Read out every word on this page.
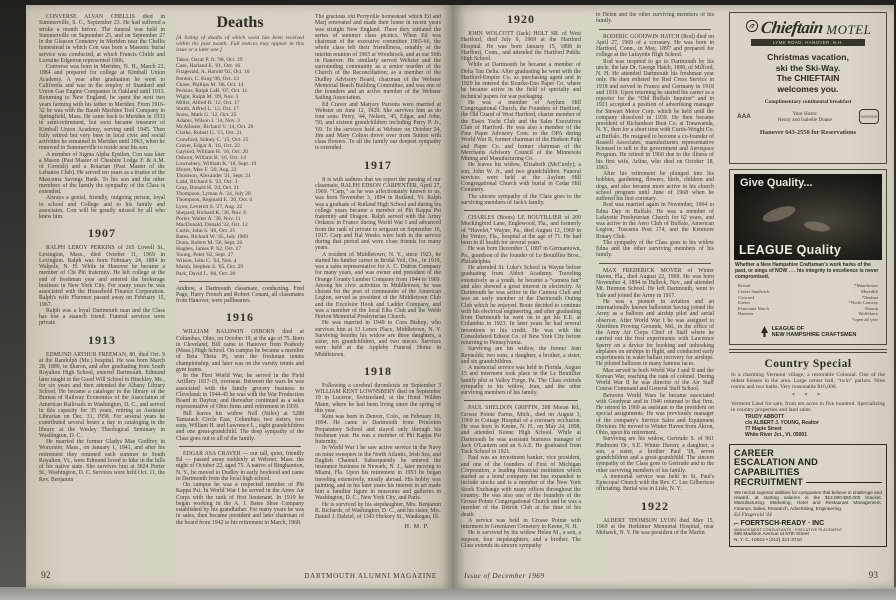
CONVERSE ALVAN CHELLIS died in Summerville, S. C., September 23. He had suffered a stroke a month before. The funeral was held in Summerville on September 25, and on September 27 in the Gleason Cemetery in Meriden near the Chellis homestead in which Con was born a Masonic burial service was conducted, at which Francis Childs and Lorraine Edgerton represented 1906.

Converse was born in Meriden, N. H., March 22, 1884 and prepared for college at Kimball Union Academy. A year after graduation he went to California and was in the employ of Standard and Union Gas Engine Companies in Oakland until 1913. Returning to New England, he spent the next two years farming with his father in Meriden. From 1916-32 he was with the Baush Machine Tool Company in Springfield, Mass. He came back to Meriden in 1933 in semi-retirement, but soon became treasurer of Kimball Union Academy, serving until 1945. Then fully retired but very busy in local civic and social activities he remained in Meriden until 1963, when he removed to Summerville to reside near his son.

A member of Sigma Alpha Epsilon, Con was later a Mason (Past Master of Cheshire Lodge F. & A.M. of Cornish) and a Rotarian (Past Master of the Lebanon Club). He served ten years as a trustee of the Mascoma Savings Bank. To his son and the other members of the family the sympathy of the Class is extended.

Always a genial, friendly, outgoing person, loyal to school and College and to his family and associates, Con will be greatly missed by all who knew him.

1907

RALPH LEROY PERKINS of 265 Lowell St., Lexington, Mass., died October 11, 1969 in Lexington. Ralph was born February 24, 1884 in Walpole, N. H. While in Hanover he became a member of Chi Phi fraternity. He left college at the end of freshman year and entered the brokerage business in New York City. For many years he was associated with the Household Finance Corporation. Ralph's wife Florence passed away on February 15, 1967.

Ralph was a loyal Dartmouth man and the Class has lost a staunch friend. Funeral services were private.

1913

EDMUND ARTHUR FREEMAN, 80, died Oct. 9 at the Randolph (Me.) hospital. He was born March 28, 1889, in Sharon, and after graduating from South Royalton High School, entered Dartmouth. Edmund later taught in the Good Will School in Hinckley, Me., for six years and then attended the Albany Library School. He became a cataloger in the library of the Bureau of Railway Economics of the Association of American Railroads in Washington, D. C., and served in this capacity for 35 years, retiring as Assistant Librarian on Dec. 31, 1958. For several years he contributed several hours a day to cataloging in the library at the Wesley Theological Seminary in Washington, D. C.

He married the former Gladys Mae Godfrey in Worcester, Mass., on January 1, 1941, and after his retirement they returned each summer to South Royalton, Vt., were Edmund loved to hike in the hills of his native state. She survives him at 3024 Porter St., Washington, D. C. Services were held Oct. 11, the Rev. Benjamin

Deaths

[A listing of deaths of which word has been received within the past month. Full notices may appear in this issue or a later one.]

Tabor, Oscar P. Jr. '98, Oct. 29
Case, Harland E. '01, Oct. 16
Fitzgerald, A. Harold '02, Oct. 10
Benton, C. King '06, Oct. 13
Chase, Phillips M. '06, Oct. 14
Perkins, Ralph LaR. '07, Oct. 11
Wight, Ralph M. '09, Nov. 3
Miller, Alfred R. '12, Oct. 17
Smith, Alfred L. '12, Oct. 17
Snow, Mark G. '12, Oct. 25
Adams, Wilson I. '14, Nov. 3
McAllaster, Richard V. '14, Oct. 26
Clarke, Robert G. '15, Oct. 21
Crawford, Sidney C. '15, Oct. 25
Craver, Edgar A. '16, Oct. 22
Gaylord, William H. '16, Oct. 20
Osborn, William B. '16, Oct. 14
Lownsbery, William K. '18, Sept. 19
Moyer, Max F. '20, Aug. 22
Thomson, Alexander '21, Sept. 21
Ladd, Richard S. '22, Oct. 3
Gray, Donald H. '24, Oct. 21
Thompson, Lyman A. '24, July 20
Thompson, Reginald E. '26, Oct. 6
Lyon, Leverett S. '27, Aug. 22
Shepard, Richard K. '28, Nov. 6
Porter, Walter A. '30, Nov. 11
MacDonald, Donald '32, Oct. 12
Curtis, John S. '40, Oct. 21
Bates, Richard W. '45, July 1969
Dunn, Robert M. '56, Sept. 26
Hughes, James P. '62, Oct. 17
Young, Peter '62, Sept. 27
Wilson, John C. '64, Nov. 4
Marsh, Stephen S. '65, Oct. 29
Park, David L. '66, Oct. 20

Andrew, a Dartmouth classmate, conducting. Fred Page, Harry French and Robert Conant, all classmates from Hanover, were pallbearers.

1916

WILLIAM BALDWIN OSBORN died at Columbus, Ohio, on October 19, at the age of 75. Born in Cleveland, Bill came to Hanover from Peabody (Mass.) High School. On campus he became a member of Beta Theta Pi, won the freshman tennis championship, and later was on the varsity tennis and gym teams.

In the First World War, he served in the Field Artillery 1917-19, overseas. Between the wars he was associated with the family grocery business in Cleveland; in 1944-45 he was with the War Production Board in Dayton; and thereafter continued as a sales representative of Ohio firms until retirement in 1959.

Bill leaves his widow Nell (Stiles) at 5288 Tamarack Circle East, Columbus; two sisters, two sons, William H. and Lawrence L., eight grandchildren and one great-grandchild. The deep sympathy of the Class goes out to all of the family.

EDGAR ASA CRAVER — our tall, quiet, friendly Ed — passed away suddenly at Webster, Mass. the night of October 22, aged 75. A native of Binghamton, N. Y., he moved to Dudley in early boyhood and came to Dartmouth from the local high school.

On campus he was a respected member of Phi Kappa Psi. In World War I he served in the Army Air Corps with the rank of first lieutenant. In 1919 he began working in the A. J. Bates Shoe Company established by his grandfather. For many years he was in sales, then became president and later chairman of the board from 1942 to his retirement in March, 1968.

The gracious old Perryville homestead which Ed and Marj renovated and made their home in recent years was straight New England. There they initiated the series of summer class picnics. When Ed was chairman of the executive committee 1965-66, the whole class felt their friendliness, notably at the interim reunion of 1965 at Woodstock, and at our 50th in Hanover. He similarly served Webster and the surrounding community as a senior warden of the Church of the Reconciliation; as a member of the Dudley Advisory Board, chairman of the Webster Memorial Beach Building Committee, and was one of the founders and an active member of the Webster Sailing Association.

Ed Craver and Marjory Parsons were married at Webster on June 12, 1920. She survives him as do four sons: Perry, '44, Nelson, '45, Edgar, and John, '50, and sixteen grandchildren including Perry P. Jr., '69. To the services held at Webster on October 24, Jim and Mary Colton drove over from Sutton with class flowers. To all the family our deepest sympathy is extended.

1917

It is with sadness that we report the passing of our classmate, RALPH EDSON CARPENTER, April 27, 1969. “Carp,” as he was affectionately known to us, was born November 3, 1894 in Rutland, Vt. Ralph was a graduate of Rutland High School and during his college years became a member of Phi Kappa Psi fraternity and Dragon. Ralph served with the Army Ordance in France during World War I and advanced from the rank of private to sergeant on September 16, 1917. Carp and Hal Weeks were both in the service during that period and were close friends for many years.

A resident of Middletown, N. Y., since 1923, he started his lumber career in Bridal Veil, Ore., in 1919, was a sales representative for A. C. Dutton Company for many years, and was owner and president of the Orange County Lumber Company from 1944 to 1969. Among his civic activities in Middletown, he was chosen for the post of commander of the American Legion, served as president of the Middletown Club and the Excelsior Hook and Ladder Company, and was a member of the local Elks Club and the Webb Horton Memorial Presbyterian Church.

He was married in 1949 to Cora Bishop, who survives him at 13 Lenox Place, Middletown, N. Y. Surviving besides his widow are three daughters, a sister, ten grandchildren, and two nieces. Services were held at the Appleby Funeral Home in Middletown.

1918

Following a cerebral thrombosis on September 3 WILLIAM KENT LOWNSBERY died on September 19 in Lucerne, Switzerland, at the Hotel Wilden Mann, where he had been living since the spring of this year.

Kent was born in Denver, Colo., on February 19, 1894. He came to Dartmouth from Princeton Preparatory School and stayed only through his freshman year. He was a member of Phi Kappa Psi fraternity.

In World War I he saw active service in the Navy on mine sweepers in the North Atlantic, Irish Sea, and English Channel. Subsequently he entered the insurance business in Newark, N. J., later moving to Miami, Fla. Upon his retirement in 1953 he began traveling extensively, mostly abroad. His hobby was painting, and in his later years his interest in art made him a familiar figure in museums and galleries in Washington, D. C., New York City, and Paris.

He is survived by his stepdaughter, Mrs. Benjamin R. Richards, of Washington, D. C., and his sister, Mrs. Daniel J. Dalziel, of 1343 Hickory St., Waukegan, Ill.

H. M. P.
92	DARTMOUTH ALUMNI MAGAZINE
1920

JOHN WOLCOTT (Jack) HOLT SR. of West Hartford, died July 9, 1969 at the Hartford Hospital. He was born January 15, 1898 in Hartford, Conn., and attended the Hartford Public High School.

While at Dartmouth he became a member of Delta Tau Delta. After graduating he went with the Hartford-Empire Co. as purchasing agent and in 1929 he entered the Rourke-Eno Paper Co. where he became active in the field of specialty and technical papers for war packaging.

He was a member of Asylum Hill Congregational Church, the Founders of Hartford, the Old Guard of West Hartford, charter member of the Essex Yacht Club and the Sales Executives Club of Hartford. He was also a member of the Fine Paper Advisory Com. to the OPA during World War II, former chairman of the Hudson Pulp and Paper Co. and former chairman of the Merchants Advisory Council of the Minnesota Mining and Manufacturing Co.

He leaves his widow, Elizabeth (McCurdy); a son, John W. Jr., and two grandchildren. Funeral services were held at the Asylum Hill Congregational Church with burial in Cedar Hill Cemetery.

The sincere sympathy of the Class goes to the surviving members of Jack's family.

CHARLES (Boots) LE BOUTILLIER of 200 Mockingbird Lane, Englewood, Fla., and formerly of “Havelet,” Wayne, Pa., died August 12, 1969 in the Venice, Fla., hospital at the age of 71. He had been in ill health for several years.

He was born December 3, 1897 in Germantown, Pa., grandson of the founder of Le Boutillier Bros., Philadelphia.

He attended St. Luke's School in Wayne before graduating from Abbot Academy. Traveling extensively as a youth, he became a “camera fan” and also showed a great interest in electricity. At Dartmouth he was active in the Camera Club and was an early member of the Dartmouth Outing Club which he enjoyed. Boots decided to continue with his electrical engineering, and after graduating from Dartmouth he went on to get his E.E. at Columbia in 1923. In later years he had several inventions to his credit. He was with the Consolidated Edison Co. of New York City before returning to Pennsylvania.

Surviving are his widow, the former Jean Reynolds; two sons, a daughter, a brother, a sister, and six grandchildren.

A memorial service was held in Florida, August 15 and interment took place in the Le Boutillier family plot at Valley Forge, Pa. The Class extends sympathy to his widow, Jean, and the other surviving members of his family.

PAUL SHELDON GRIFFIN, 208 Moran Rd., Grosse Pointe Farms, Mich., died on August 3, 1969 in Cottage Hospital of a coronary occlusion. He was born in Keene, N. H., on May 24, 1898, and attended Keene High School. While at Dartmouth he was assistant business manager of Jack O'Lantern and an S.A.E. He graduated from Tuck School in 1921.

Paul was an investment banker, vice president, and one of the founders of First of Michigan Corporation, a leading financial institution which started as a bond company but has expanded to include stocks and is a member of the New York Stock Exchange with many offices throughout the country. He was also one of the founders of the Grosse Pointe Congregational Church and he was a member of the Detroit Club at the time of his death.

A service was held in Grosse Pointe with interment in Greenlawn Cemetery in Keene, N. H.

He is survived by his widow Helen M., a son, a stepson, four stepdaughters, and a brother. The Class extends its sincere sympathy

to Helen and the other surviving members of his family.

RODERIC GOODWIN HATCH (Rod) died on April 27, 1969 of a coronary. He was born in Hartford, Conn., in May, 1897 and prepared for college at the Lafayette High School.

Rod was inspired to go to Dartmouth by his uncle, the late Dr. George Hatch, 1890, of Milford, N. H. He attended Dartmouth his freshman year only. He then enlisted for Red Cross Service in 1918 and served in France and Germany in 1918 and 1919. Upon returning he started his career as a reporter for the “Old Buffalo Inquirer” and in 1921 accepted a position of advertising manager for Stewart Motor Corp. which he held until the company dissolved in 1939. He then became president of Richardson Boat Co. at Tonawanda, N. Y., then for a short time with Curtis-Wright Co. at Buffalo. He resigned to become a co-founder of Russell Associates, manufacturers representative licensed to sell to the government and Aerospace Program. He retired in 1960 due to the illness of his first wife, Arline, who died on October 18, 1963.

After his retirement he plunged into his hobbies, gardening, flowers, birds, children and dogs, and also became more active in his church school program until June of 1968 when he suffered his first coronary.

Rod was married again in November, 1964 to Edna Day in Buffalo. He was a member of Lafayette Presbyterian Church for 62 years, and was active in the Aero Club of Buffalo, American Legion, Tuscania Post 174, and the Kenmore Rotary Club.

The sympathy of the Class goes to his widow Edna and the other surviving members of his family.

MAX FREDERICK MOYER of Winter Haven, Fla., died August 22, 1969. He was born November 4, 1894 in Halleck, Nev., and attended Mt. Hermon School. He left Dartmouth, went to Yale and joined the Army in 1917.

He was a pioneer in aviation and an internationally known balloonist having joined the Army as a balloon and airship pilot and aerial observer. After World War I he was assigned to Aberdeen Proving Grounds, Md., in the office of the Army Air Corps Chief of Staff where he carried out the first experiments with Lawrence Sperry on a device for hooking and unhooking airplanes on airships in flight, and conducted early experiments in water ballast recovery for airships. He piloted balloons in many famous races.

Max served in both World War I and II and the Korean War, reaching the rank of colonel. During World War II he was director of the Air Staff Course Command and General Staff School.

Between World Wars he became associated with Goodyear and in 1946 returned to that firm. He retired in 1960 as assistant to the president on special assignments. He was previously manager of the company's Service Sales and Equipment Division. He moved to Winter Haven from Akron, Ohio, upon his retirement.

Surviving are his widow, Gertrude S. of 961 Piedmont Dr., S.E. Winter Haven; a daughter, a son, a sister, a brother Paul '18, seven grandchildren and a great-grandchild. The sincere sympathy of the Class goes to Gertrude and to the other surviving members of his family.

A memorial service was held in St. Paul's Episcopal Church with the Rev. C. Lee Gilbertson officiating. Burial was in Lisle, N. Y.

1922

ALBERT THOMSON LYON died May 15, 1969 at the Herkimer Memorial Hospital, near Mohawk, N. Y. He was president of the Martin

Chieftain MOTEL
LYME ROAD, HANOVER, N.H.
Christmas vacation,
ski the Ski-Way.
The CHIEFTAIN
welcomes you.
Complimentary continental breakfast
AAA	Your Hosts:
Henry and Isabelle Doane	SUPERIOR
Hanover 643-2550 for Reservations
Give Quality...
LEAGUE Quality
Whether a New Hampshire Craftsman's work harks of the past, or sings of NOW . . . his integrity to excellence is never compromised.
Bristol
Center Sandwich
Concord
Exeter
Franconia Notch
Hanover
*Manchester
Meredith
*Nashua
*North Conway
Sharon
Wolfeboro
*open all year
LEAGUE OF
NEW HAMPSHIRE CRAFTSMEN
Country Special

In a charming Vermont village; a restorable Colonial. One of the oldest houses in the area. Large center hall, “twin” parlors. Nine rooms and two baths. Very reasonable $16,000.

* * *

Vermont Land for sale, from ten acres to five hundred. Specializing in country properties and land sales.

TRUDY ABBOTT
c/o ALBERT J. YOUNG, Realtor
77 Maple Street
White River Jct., Vt. 05001
CAREER
ESCALATION AND
CAPABILITIES
RECRUITMENT
We recruit superior abilities for companies that believe in challenge and reward, at starting salaries in the $12,000-$50,000 bracket. Manufacturing, Marketing, Hotel and Restaurant Management, Finance, Sales, Research, Advertising, Engineering.
Ed Fitzgerald '44
⌐ FOERTSCH-READY · INC
MANAGEMENT CONSULTANTS · EXECUTIVE PLACEMENT
595 Madison Avenue at 57th Street
N. Y. C. 10022 • (212) 421-3710
Issue of December 1969	93
